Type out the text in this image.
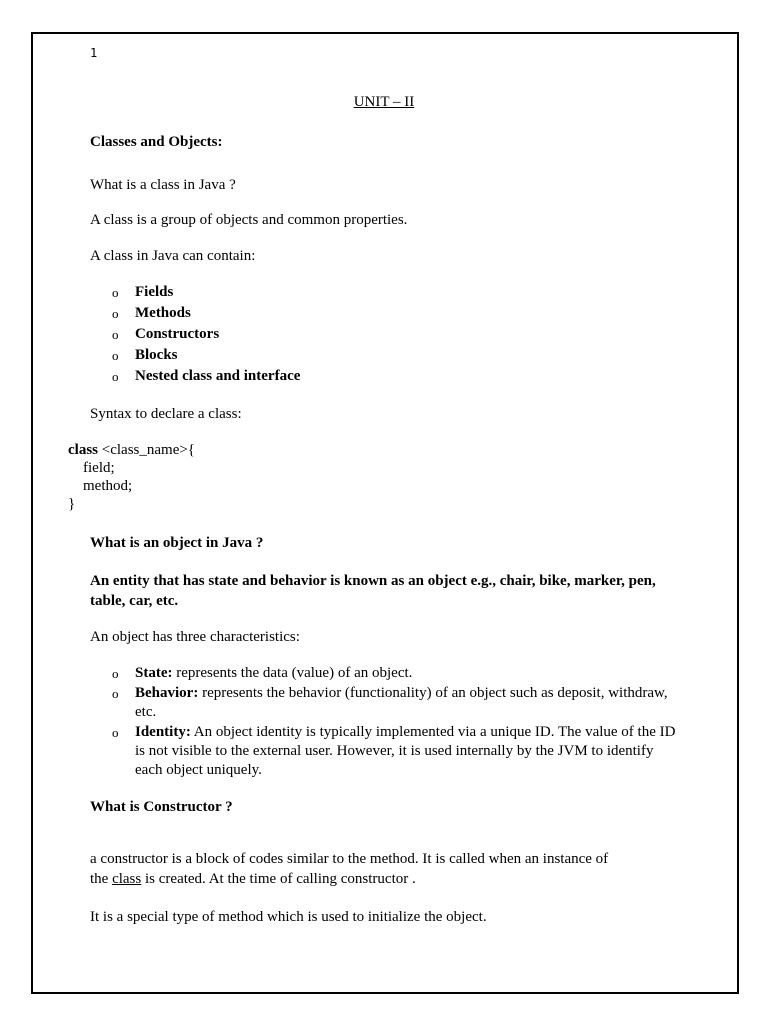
1
UNIT – II
Classes and Objects:
What is a class in Java ?
A class is a group of objects and common properties.
A class in Java can contain:
o Fields
o Methods
o Constructors
o Blocks
o Nested class and interface
Syntax to declare a class:
class <class_name>{
field;
method;
}
What is an object in Java ?
An entity that has state and behavior is known as an object e.g., chair, bike, marker, pen,
table, car, etc.
An object has three characteristics:
o State: represents the data (value) of an object.
o Behavior: represents the behavior (functionality) of an object such as deposit, withdraw, etc.
o Identity: An object identity is typically implemented via a unique ID. The value of the ID is not visible to the external user. However, it is used internally by the JVM to identify each object uniquely.
What is Constructor ?
a constructor is a block of codes similar to the method. It is called when an instance of
the class is created. At the time of calling constructor .
It is a special type of method which is used to initialize the object.
